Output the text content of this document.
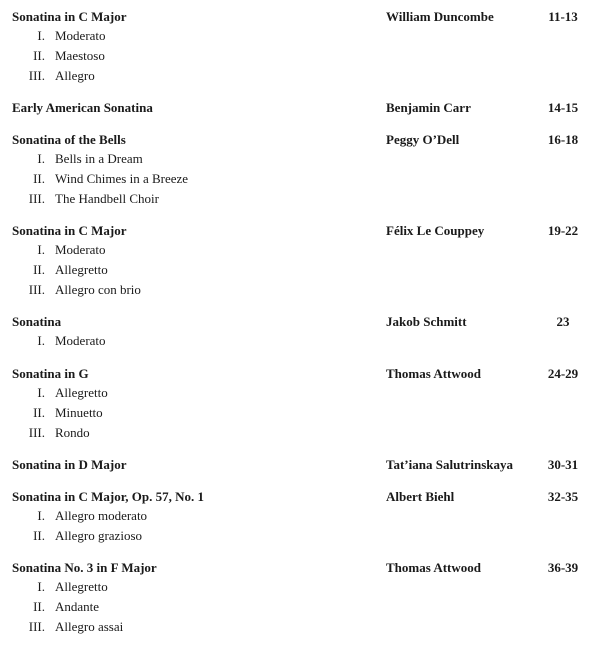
Sonatina in C Major	William Duncombe	11-13
I. Moderato
II. Maestoso
III. Allegro
Early American Sonatina	Benjamin Carr	14-15
Sonatina of the Bells	Peggy O’Dell	16-18
I. Bells in a Dream
II. Wind Chimes in a Breeze
III. The Handbell Choir
Sonatina in C Major	Félix Le Couppey	19-22
I. Moderato
II. Allegretto
III. Allegro con brio
Sonatina	Jakob Schmitt	23
I. Moderato
Sonatina in G	Thomas Attwood	24-29
I. Allegretto
II. Minuetto
III. Rondo
Sonatina in D Major	Tat’iana Salutrinskaya	30-31
Sonatina in C Major, Op. 57, No. 1	Albert Biehl	32-35
I. Allegro moderato
II. Allegro grazioso
Sonatina No. 3 in F Major	Thomas Attwood	36-39
I. Allegretto
II. Andante
III. Allegro assai
